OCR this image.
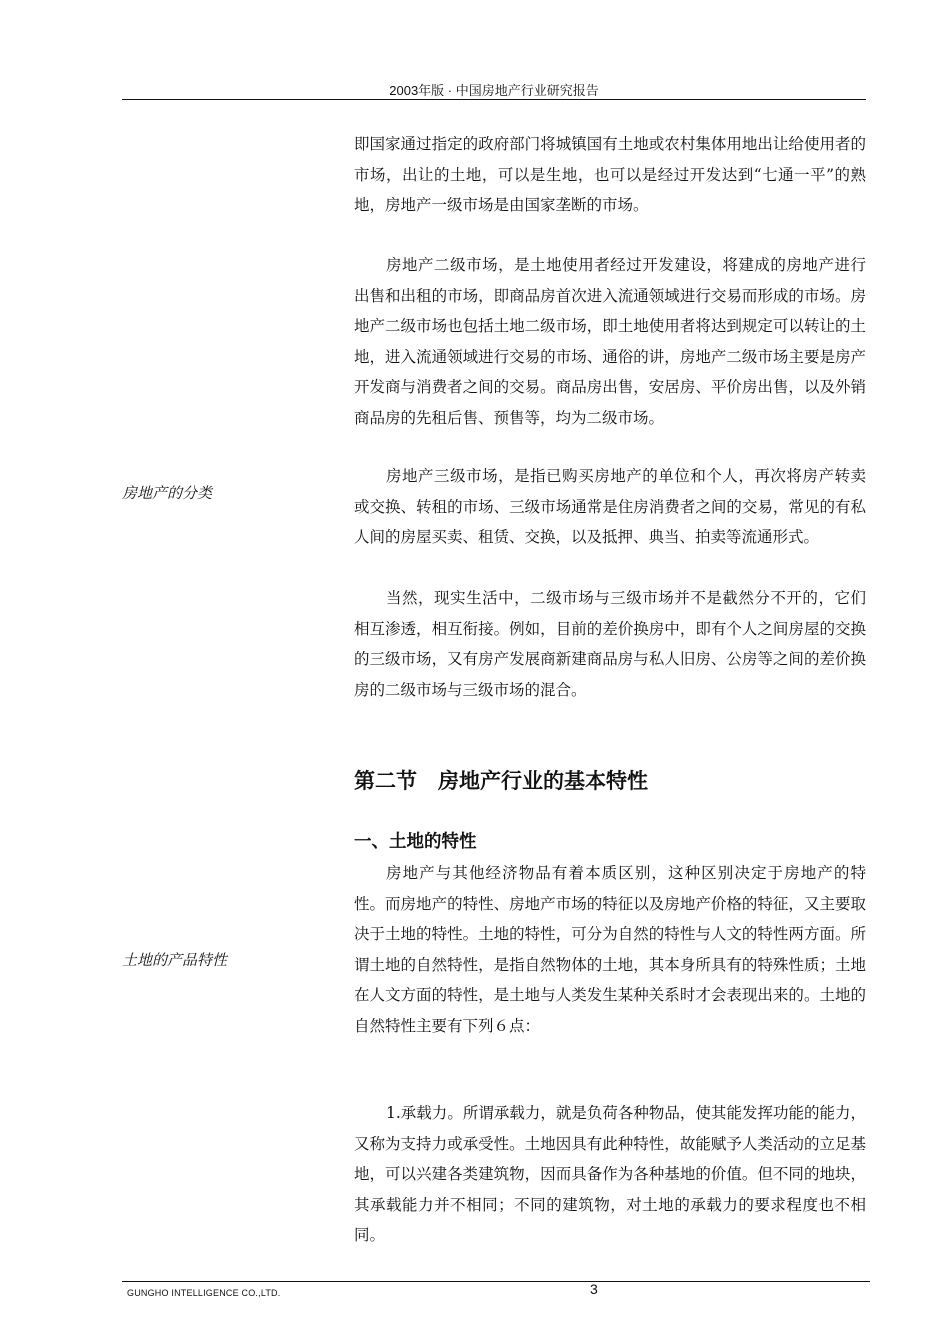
2003年版 · 中国房地产行业研究报告

即国家通过指定的政府部门将城镇国有土地或农村集体用地出让给使用者的市场，出让的土地，可以是生地，也可以是经过开发达到“七通一平”的熟地，房地产一级市场是由国家垄断的市场。

房地产二级市场，是土地使用者经过开发建设，将建成的房地产进行出售和出租的市场，即商品房首次进入流通领域进行交易而形成的市场。房地产二级市场也包括土地二级市场，即土地使用者将达到规定可以转让的土地，进入流通领域进行交易的市场、通俗的讲，房地产二级市场主要是房产开发商与消费者之间的交易。商品房出售，安居房、平价房出售，以及外销商品房的先租后售、预售等，均为二级市场。

房地产的分类

房地产三级市场，是指已购买房地产的单位和个人，再次将房产转卖或交换、转租的市场、三级市场通常是住房消费者之间的交易，常见的有私人间的房屋买卖、租赁、交换，以及抵押、典当、拍卖等流通形式。

当然，现实生活中，二级市场与三级市场并不是截然分不开的，它们相互渗透，相互衔接。例如，目前的差价换房中，即有个人之间房屋的交换的三级市场，又有房产发展商新建商品房与私人旧房、公房等之间的差价换房的二级市场与三级市场的混合。

第二节　房地产行业的基本特性
一、土地的特性
土地的产品特性

房地产与其他经济物品有着本质区别，这种区别决定于房地产的特性。而房地产的特性、房地产市场的特征以及房地产价格的特征，又主要取决于土地的特性。土地的特性，可分为自然的特性与人文的特性两方面。所谓土地的自然特性，是指自然物体的土地，其本身所具有的特殊性质；土地在人文方面的特性，是土地与人类发生某种关系时才会表现出来的。土地的自然特性主要有下列６点：

1.承载力。所谓承载力，就是负荷各种物品，使其能发挥功能的能力，又称为支持力或承受性。土地因具有此种特性，故能赋予人类活动的立足基地，可以兴建各类建筑物，因而具备作为各种基地的价值。但不同的地块，其承载能力并不相同；不同的建筑物，对土地的承载力的要求程度也不相同。

GUNGHO INTELLIGENCE CO.,LTD.	3
